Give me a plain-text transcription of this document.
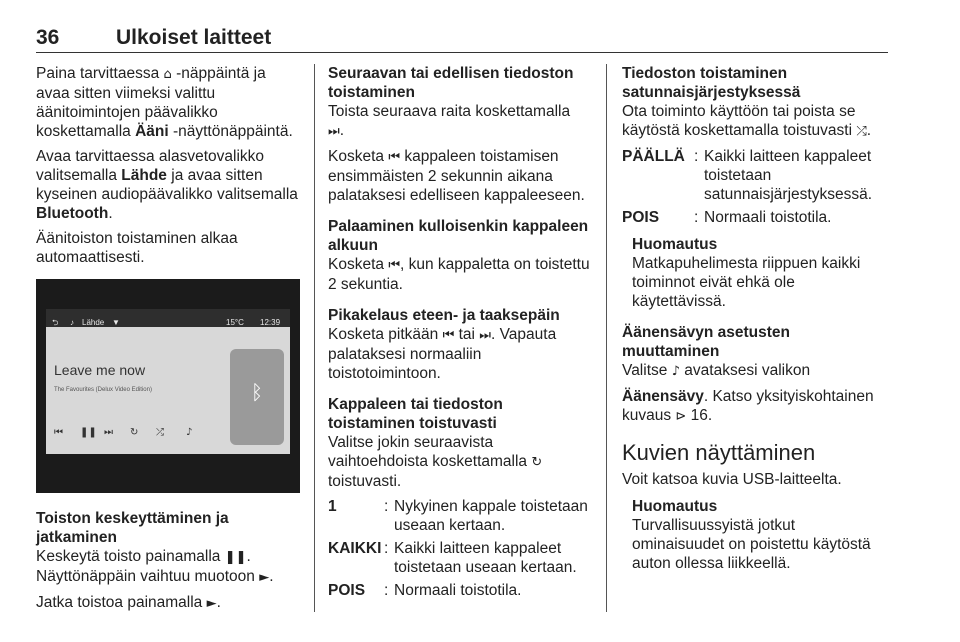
36	Ulkoiset laitteet

Paina tarvittaessa ⌂ -näppäintä ja avaa sitten viimeksi valittu äänitoimintojen päävalikko koskettamalla Ääni -näyttönäppäintä.

Avaa tarvittaessa alasvetovalikko valitsemalla Lähde ja avaa sitten kyseinen audiopäävalikko valitsemalla Bluetooth.

Äänitoiston toistaminen alkaa automaattisesti.

⮌ ♪ Lähde ▼	15°C 12:39
Leave me now
The Favourites (Delux Video Edition)
⏮ ❚❚ ⏭ ↻ ⤮ ♪
ᛒ
Toiston keskeyttäminen ja jatkaminen

Keskeytä toisto painamalla ❚❚. Näyttönäppäin vaihtuu muotoon ►.

Jatka toistoa painamalla ►.

Seuraavan tai edellisen tiedoston toistaminen

Toista seuraava raita koskettamalla
⏭.

Kosketa ⏮ kappaleen toistamisen ensimmäisten 2 sekunnin aikana palataksesi edelliseen kappaleeseen.

Palaaminen kulloisenkin kappaleen alkuun

Kosketa ⏮, kun kappaletta on toistettu 2 sekuntia.

Pikakelaus eteen- ja taaksepäin

Kosketa pitkään ⏮ tai ⏭. Vapauta palataksesi normaaliin toistotoimintoon.

Kappaleen tai tiedoston toistaminen toistuvasti

Valitse jokin seuraavista vaihtoehdoista koskettamalla ↻ toistuvasti.

1	: Nykyinen kappale toistetaan useaan kertaan.
KAIKKI : Kaikki laitteen kappaleet toistetaan useaan kertaan.
POIS	: Normaali toistotila.
Tiedoston toistaminen satunnaisjärjestyksessä

Ota toiminto käyttöön tai poista se käytöstä koskettamalla toistuvasti ⤮.

PÄÄLLÄ : Kaikki laitteen kappaleet toistetaan satunnaisjärjestyksessä.
POIS	: Normaali toistotila.
Huomautus
Matkapuhelimesta riippuen kaikki toiminnot eivät ehkä ole käytettävissä.
Äänensävyn asetusten muuttaminen

Valitse ♪ avataksesi valikon

Äänensävy. Katso yksityiskohtainen kuvaus ⊳ 16.

Kuvien näyttäminen

Voit katsoa kuvia USB-laitteelta.

Huomautus
Turvallisuussyistä jotkut ominaisuudet on poistettu käytöstä auton ollessa liikkeellä.
